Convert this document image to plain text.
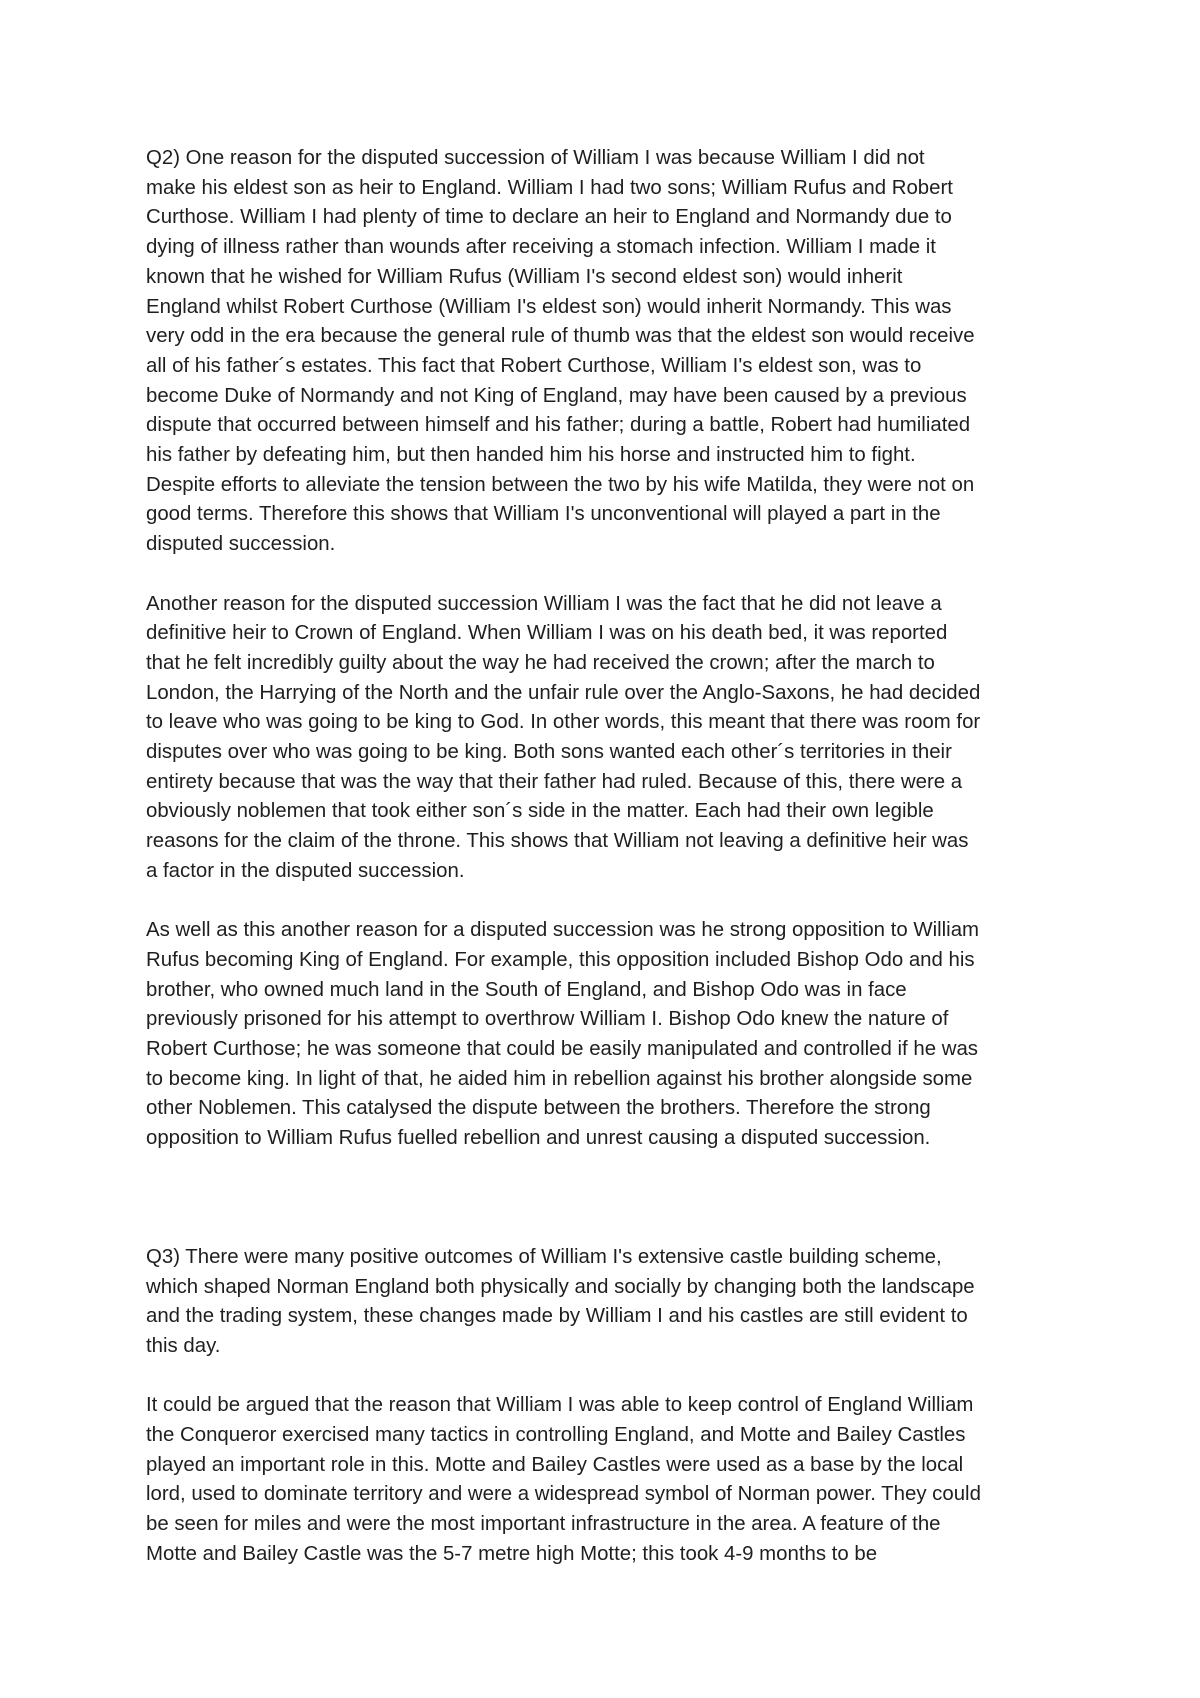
Q2) One reason for the disputed succession of William I was because William I did not
make his eldest son as heir to England. William I had two sons; William Rufus and Robert
Curthose. William I had plenty of time to declare an heir to England and Normandy due to
dying of illness rather than wounds after receiving a stomach infection. William I made it
known that he wished for William Rufus (William I's second eldest son) would inherit
England whilst Robert Curthose (William I's eldest son) would inherit Normandy. This was
very odd in the era because the general rule of thumb was that the eldest son would receive
all of his father´s estates. This fact that Robert Curthose, William I's eldest son, was to
become Duke of Normandy and not King of England, may have been caused by a previous
dispute that occurred between himself and his father; during a battle, Robert had humiliated
his father by defeating him, but then handed him his horse and instructed him to fight.
Despite efforts to alleviate the tension between the two by his wife Matilda, they were not on
good terms. Therefore this shows that William I's unconventional will played a part in the
disputed succession.

Another reason for the disputed succession William I was the fact that he did not leave a
definitive heir to Crown of England. When William I was on his death bed, it was reported
that he felt incredibly guilty about the way he had received the crown; after the march to
London, the Harrying of the North and the unfair rule over the Anglo-Saxons, he had decided
to leave who was going to be king to God. In other words, this meant that there was room for
disputes over who was going to be king. Both sons wanted each other´s territories in their
entirety because that was the way that their father had ruled. Because of this, there were a
obviously noblemen that took either son´s side in the matter. Each had their own legible
reasons for the claim of the throne. This shows that William not leaving a definitive heir was
a factor in the disputed succession.

As well as this another reason for a disputed succession was he strong opposition to William
Rufus becoming King of England. For example, this opposition included Bishop Odo and his
brother, who owned much land in the South of England, and Bishop Odo was in face
previously prisoned for his attempt to overthrow William I. Bishop Odo knew the nature of
Robert Curthose; he was someone that could be easily manipulated and controlled if he was
to become king. In light of that, he aided him in rebellion against his brother alongside some
other Noblemen. This catalysed the dispute between the brothers. Therefore the strong
opposition to William Rufus fuelled rebellion and unrest causing a disputed succession.

Q3) There were many positive outcomes of William I's extensive castle building scheme,
which shaped Norman England both physically and socially by changing both the landscape
and the trading system, these changes made by William I and his castles are still evident to
this day.

It could be argued that the reason that William I was able to keep control of England William
the Conqueror exercised many tactics in controlling England, and Motte and Bailey Castles
played an important role in this. Motte and Bailey Castles were used as a base by the local
lord, used to dominate territory and were a widespread symbol of Norman power. They could
be seen for miles and were the most important infrastructure in the area. A feature of the
Motte and Bailey Castle was the 5-7 metre high Motte; this took 4-9 months to be
